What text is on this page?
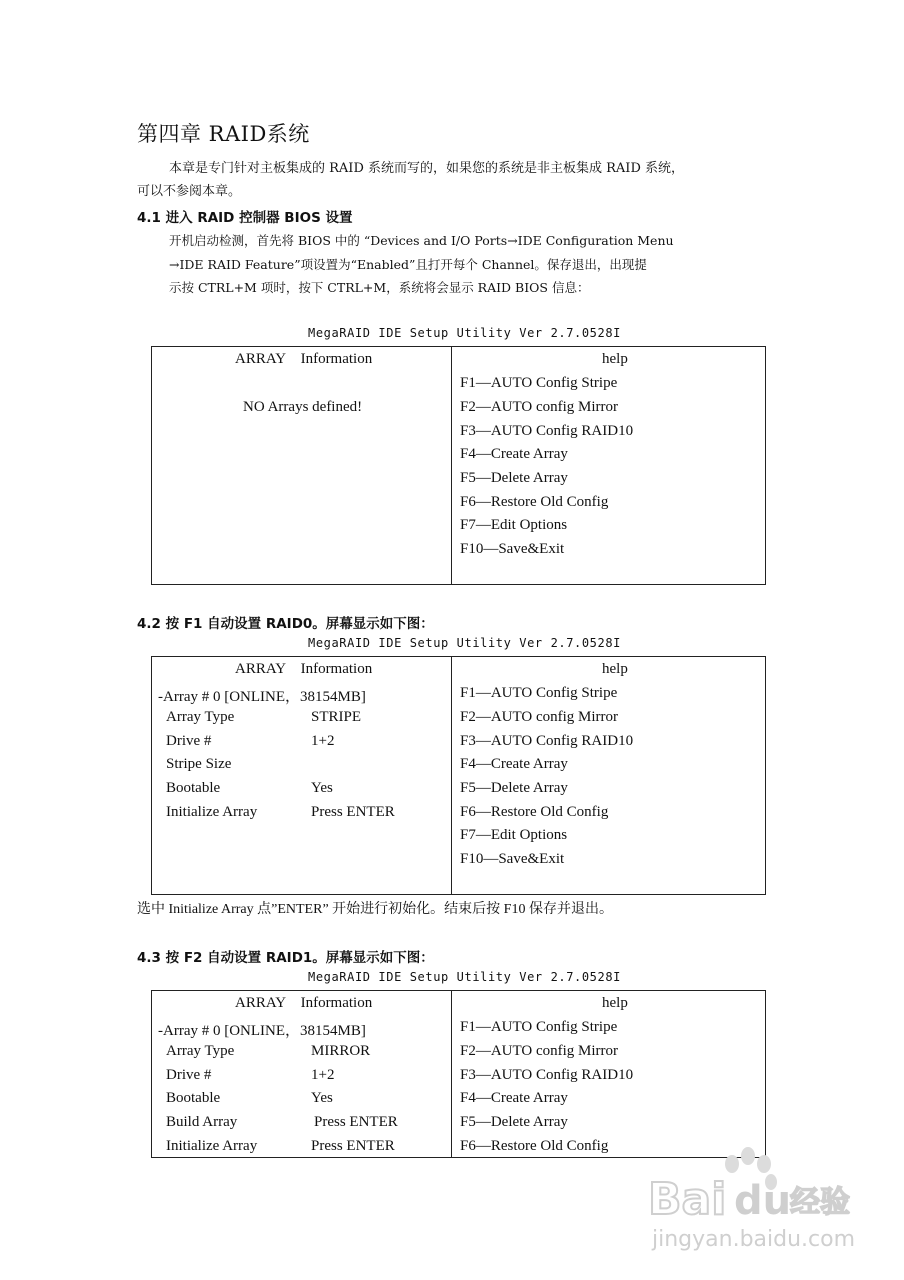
第四章 RAID系统
本章是专门针对主板集成的 RAID 系统而写的，如果您的系统是非主板集成 RAID 系统，
可以不参阅本章。
4.1 进入 RAID 控制器 BIOS 设置
开机启动检测，首先将 BIOS 中的 “Devices and I/O Ports→IDE Configuration Menu
→IDE RAID Feature”项设置为“Enabled”且打开每个 Channel。保存退出，出现提
示按 CTRL+M 项时，按下 CTRL+M，系统将会显示 RAID BIOS 信息：
MegaRAID IDE Setup Utility Ver 2.7.0528I
ARRAY    Information
NO Arrays defined!
help
F1—AUTO Config Stripe
F2—AUTO config Mirror
F3—AUTO Config RAID10
F4—Create Array
F5—Delete Array
F6—Restore Old Config
F7—Edit Options
F10—Save&Exit
4.2 按 F1 自动设置 RAID0。屏幕显示如下图：
MegaRAID IDE Setup Utility Ver 2.7.0528I
ARRAY    Information
-Array # 0 [ONLINE，38154MB]
Array Type	STRIPE
Drive #	1+2
Stripe Size
Bootable	Yes
Initialize Array	Press ENTER
help
F1—AUTO Config Stripe
F2—AUTO config Mirror
F3—AUTO Config RAID10
F4—Create Array
F5—Delete Array
F6—Restore Old Config
F7—Edit Options
F10—Save&Exit
选中 Initialize Array 点”ENTER” 开始进行初始化。结束后按 F10 保存并退出。
4.3 按 F2 自动设置 RAID1。屏幕显示如下图：
MegaRAID IDE Setup Utility Ver 2.7.0528I
ARRAY    Information
-Array # 0 [ONLINE，38154MB]
Array Type	MIRROR
Drive #	1+2
Bootable	Yes
Build Array	Press ENTER
Initialize Array	Press ENTER
help
F1—AUTO Config Stripe
F2—AUTO config Mirror
F3—AUTO Config RAID10
F4—Create Array
F5—Delete Array
F6—Restore Old Config
Bai du
经验
jingyan.baidu.com
